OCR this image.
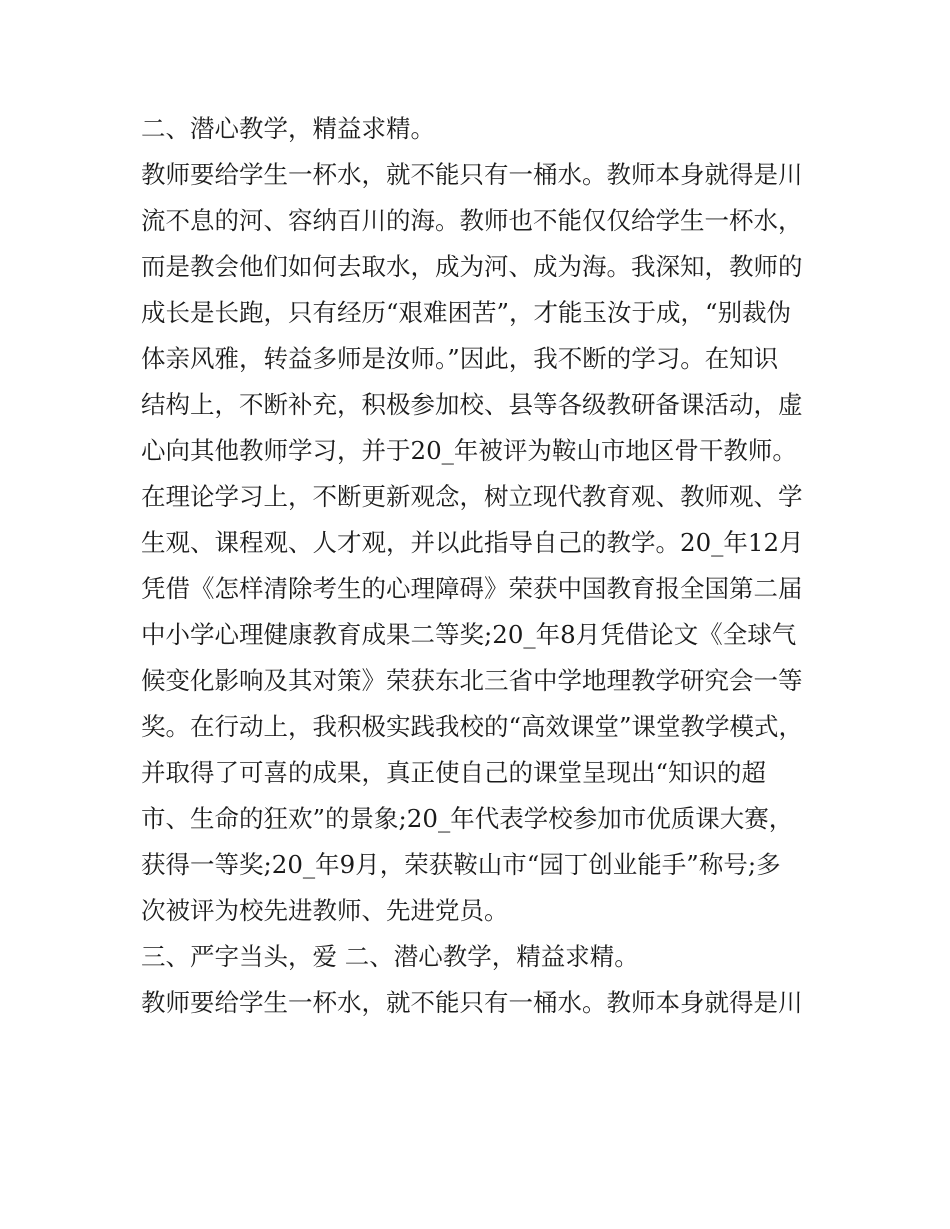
二、潜心教学，精益求精。

教师要给学生一杯水，就不能只有一桶水。教师本身就得是川

流不息的河、容纳百川的海。教师也不能仅仅给学生一杯水，

而是教会他们如何去取水，成为河、成为海。我深知，教师的

成长是长跑，只有经历“艰难困苦”，才能玉汝于成，“别裁伪

体亲风雅，转益多师是汝师。”因此，我不断的学习。在知识

结构上，不断补充，积极参加校、县等各级教研备课活动，虚

心向其他教师学习，并于20_年被评为鞍山市地区骨干教师。

在理论学习上，不断更新观念，树立现代教育观、教师观、学

生观、课程观、人才观，并以此指导自己的教学。20_年12月

凭借《怎样清除考生的心理障碍》荣获中国教育报全国第二届

中小学心理健康教育成果二等奖;20_年8月凭借论文《全球气

候变化影响及其对策》荣获东北三省中学地理教学研究会一等

奖。在行动上，我积极实践我校的“高效课堂”课堂教学模式，

并取得了可喜的成果，真正使自己的课堂呈现出“知识的超

市、生命的狂欢”的景象;20_年代表学校参加市优质课大赛，

获得一等奖;20_年9月，荣获鞍山市“园丁创业能手”称号;多

次被评为校先进教师、先进党员。

三、严字当头，爱 二、潜心教学，精益求精。

教师要给学生一杯水，就不能只有一桶水。教师本身就得是川
